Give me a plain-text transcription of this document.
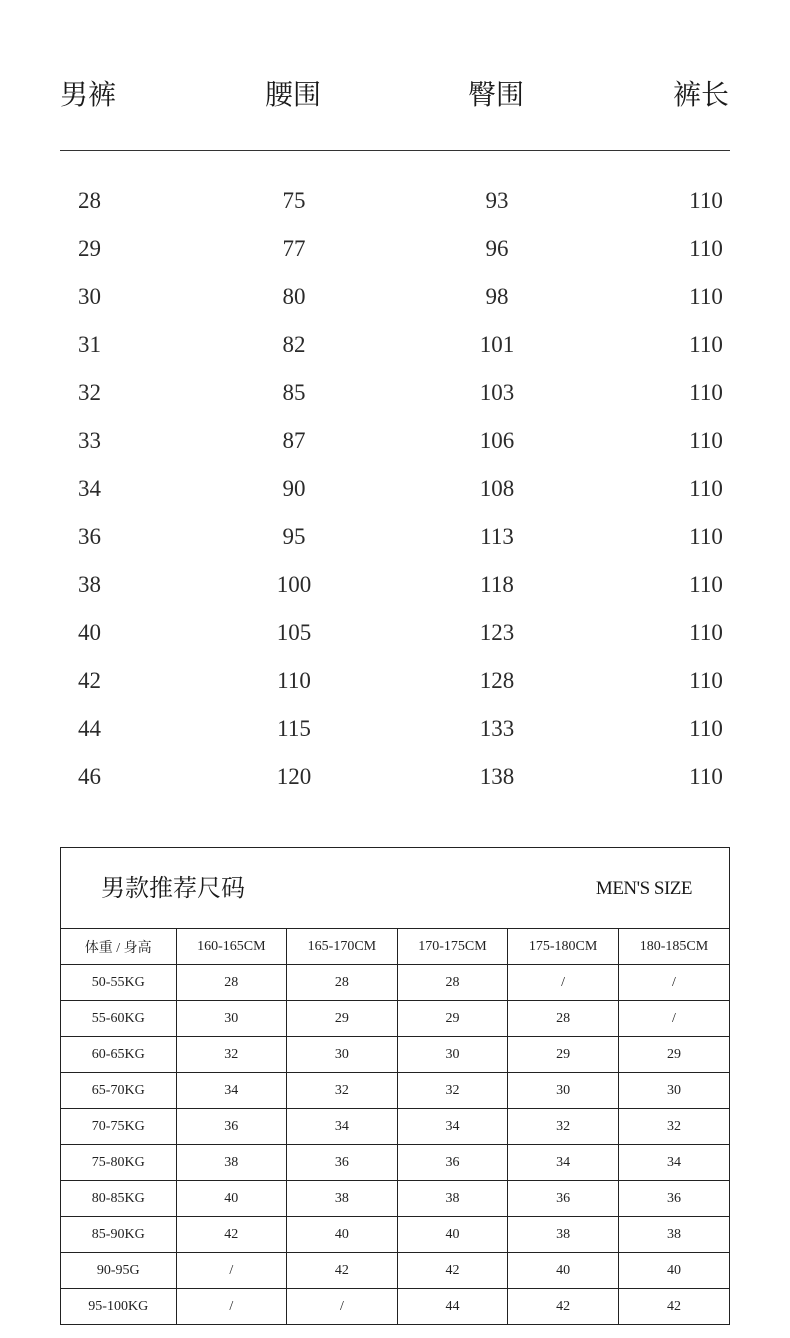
男裤	腰围	臀围	裤长
28	75	93	110
29	77	96	110
30	80	98	110
31	82	101	110
32	85	103	110
33	87	106	110
34	90	108	110
36	95	113	110
38	100	118	110
40	105	123	110
42	110	128	110
44	115	133	110
46	120	138	110
男款推荐尺码	MEN'S SIZE
体重 / 身高	160-165CM	165-170CM	170-175CM	175-180CM	180-185CM
50-55KG	28	28	28	/	/
55-60KG	30	29	29	28	/
60-65KG	32	30	30	29	29
65-70KG	34	32	32	30	30
70-75KG	36	34	34	32	32
75-80KG	38	36	36	34	34
80-85KG	40	38	38	36	36
85-90KG	42	40	40	38	38
90-95G	/	42	42	40	40
95-100KG	/	/	44	42	42
